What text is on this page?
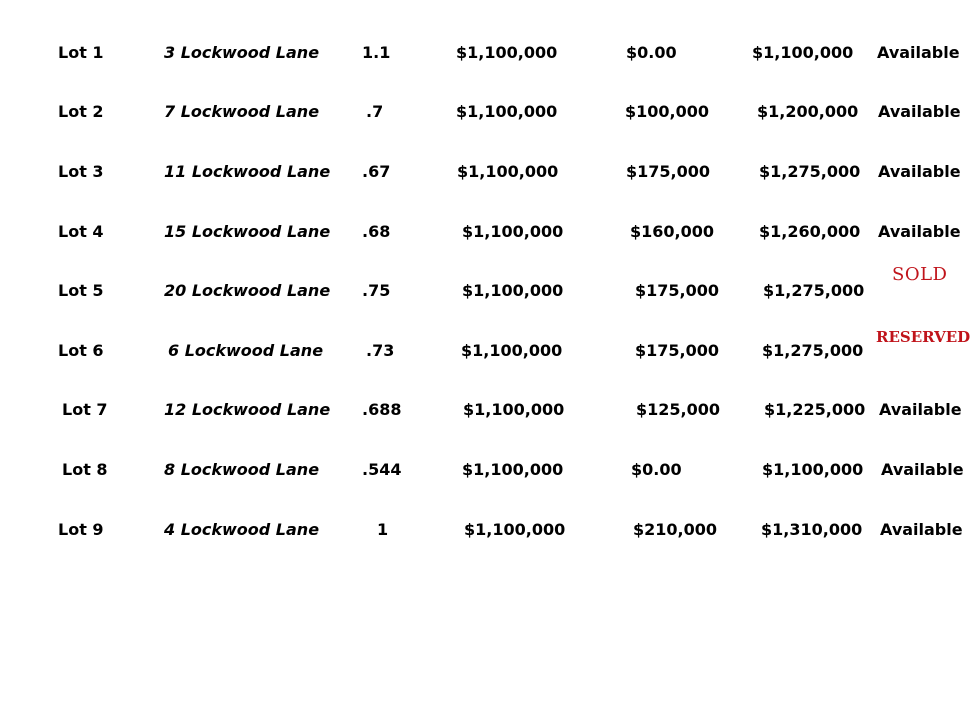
Lot 1	3 Lockwood Lane	1.1	$1,100,000	$0.00	$1,100,000 Available
Lot 2	7 Lockwood Lane	.7	$1,100,000	$100,000	$1,200,000 Available
Lot 3	11 Lockwood Lane .67	$1,100,000	$175,000	$1,275,000 Available
Lot 4	15 Lockwood Lane .68	$1,100,000	$160,000	$1,260,000 Available
Lot 5	20 Lockwood Lane .75	$1,100,000	$175,000	$1,275,000
SOLD
Lot 6	6 Lockwood Lane	.73	$1,100,000	$175,000	$1,275,000
RESERVED
Lot 7	12 Lockwood Lane .688	$1,100,000	$125,000	$1,225,000 Available
Lot 8	8 Lockwood Lane	.544	$1,100,000	$0.00	$1,100,000 Available
Lot 9	4 Lockwood Lane	1	$1,100,000	$210,000	$1,310,000 Available
